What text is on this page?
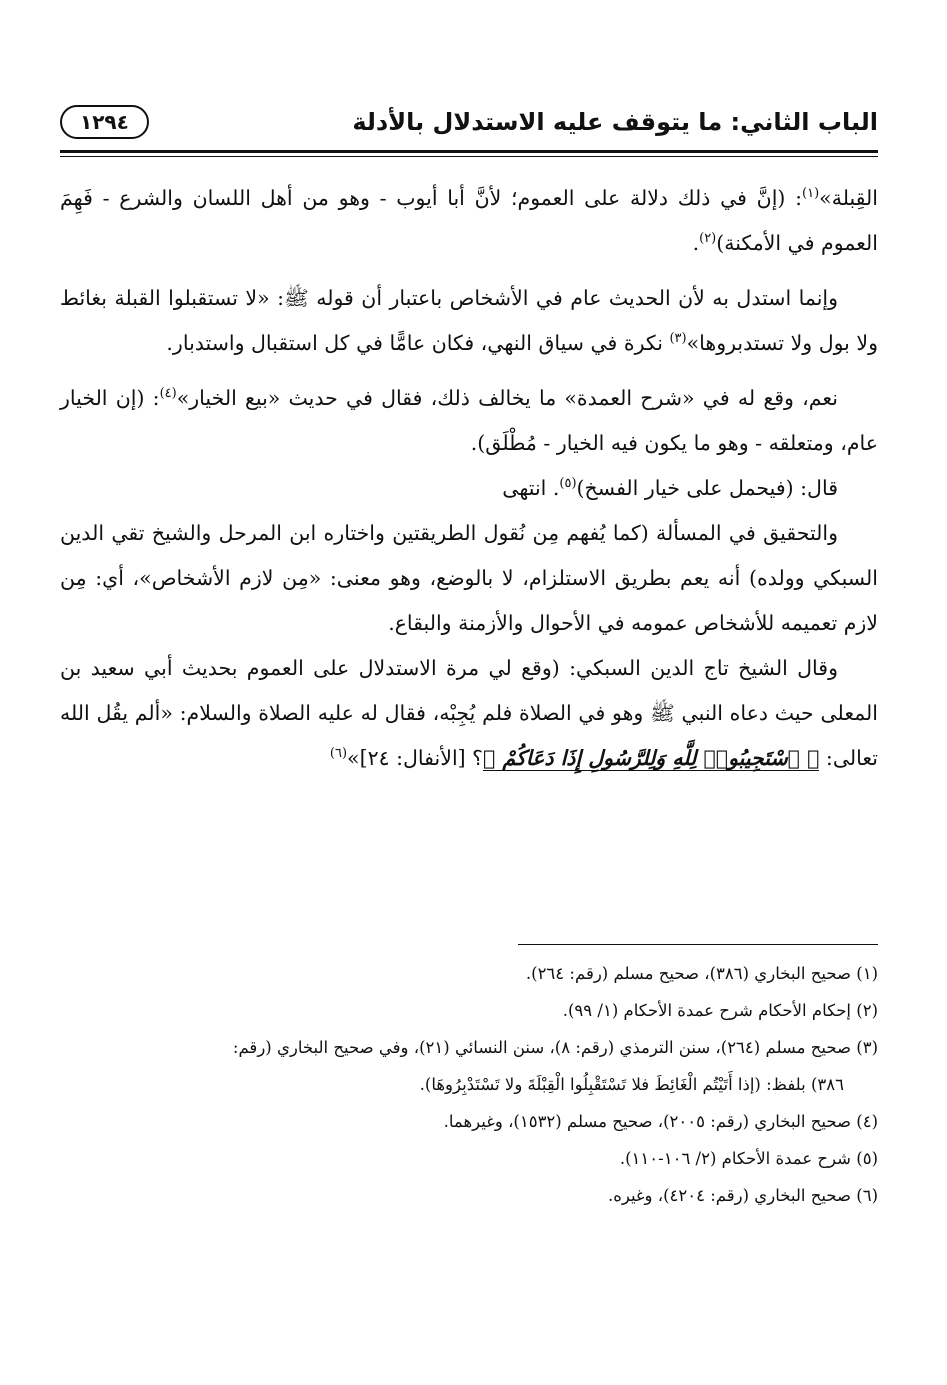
الباب الثاني: ما يتوقف عليه الاستدلال بالأدلة
١٢٩٤

القِبلة»$^{(١)}$: (إنَّ في ذلك دلالة على العموم؛ لأنَّ أبا أيوب - وهو من أهل اللسان والشرع - فَهِمَ العموم في الأمكنة)$^{(٢)}$.

وإنما استدل به لأن الحديث عام في الأشخاص باعتبار أن قوله ﷺ: «لا تستقبلوا القبلة بغائط ولا بول ولا تستدبروها»$^{(٣)}$ نكرة في سياق النهي، فكان عامًّا في كل استقبال واستدبار.

نعم، وقع له في «شرح العمدة» ما يخالف ذلك، فقال في حديث «بيع الخيار»$^{(٤)}$: (إن الخيار عام، ومتعلقه - وهو ما يكون فيه الخيار - مُطْلَق).

قال: (فيحمل على خيار الفسخ)$^{(٥)}$. انتهى

والتحقيق في المسألة (كما يُفهم مِن نُقول الطريقتين واختاره ابن المرحل والشيخ تقي الدين السبكي وولده) أنه يعم بطريق الاستلزام، لا بالوضع، وهو معنى: «مِن لازم الأشخاص»، أي: مِن لازم تعميمه للأشخاص عمومه في الأحوال والأزمنة والبقاع.

وقال الشيخ تاج الدين السبكي: (وقع لي مرة الاستدلال على العموم بحديث أبي سعيد بن المعلى حيث دعاه النبي ﷺ وهو في الصلاة فلم يُجِبْه، فقال له عليه الصلاة والسلام: «ألم يقُل الله تعالى: ﴿ ٱسْتَجِيبُوا۟ لِلَّهِ وَلِلرَّسُولِ إِذَا دَعَاكُمْ ﴾؟ [الأنفال: ٢٤]»$^{(٦)}$

(١) صحيح البخاري (٣٨٦)، صحيح مسلم (رقم: ٢٦٤).

(٢) إحكام الأحكام شرح عمدة الأحكام (١/ ٩٩).

(٣) صحيح مسلم (٢٦٤)، سنن الترمذي (رقم: ٨)، سنن النسائي (٢١)، وفي صحيح البخاري (رقم:

٣٨٦) بلفظ: (إذا أَتَيْتُم الْغَائِطَ فلا تَسْتَقْبِلُوا الْقِبْلَةَ ولا تَسْتَدْبِرُوهَا).

(٤) صحيح البخاري (رقم: ٢٠٠٥)، صحيح مسلم (١٥٣٢)، وغيرهما.

(٥) شرح عمدة الأحكام (٢/ ١٠٦-١١٠).

(٦) صحيح البخاري (رقم: ٤٢٠٤)، وغيره.
